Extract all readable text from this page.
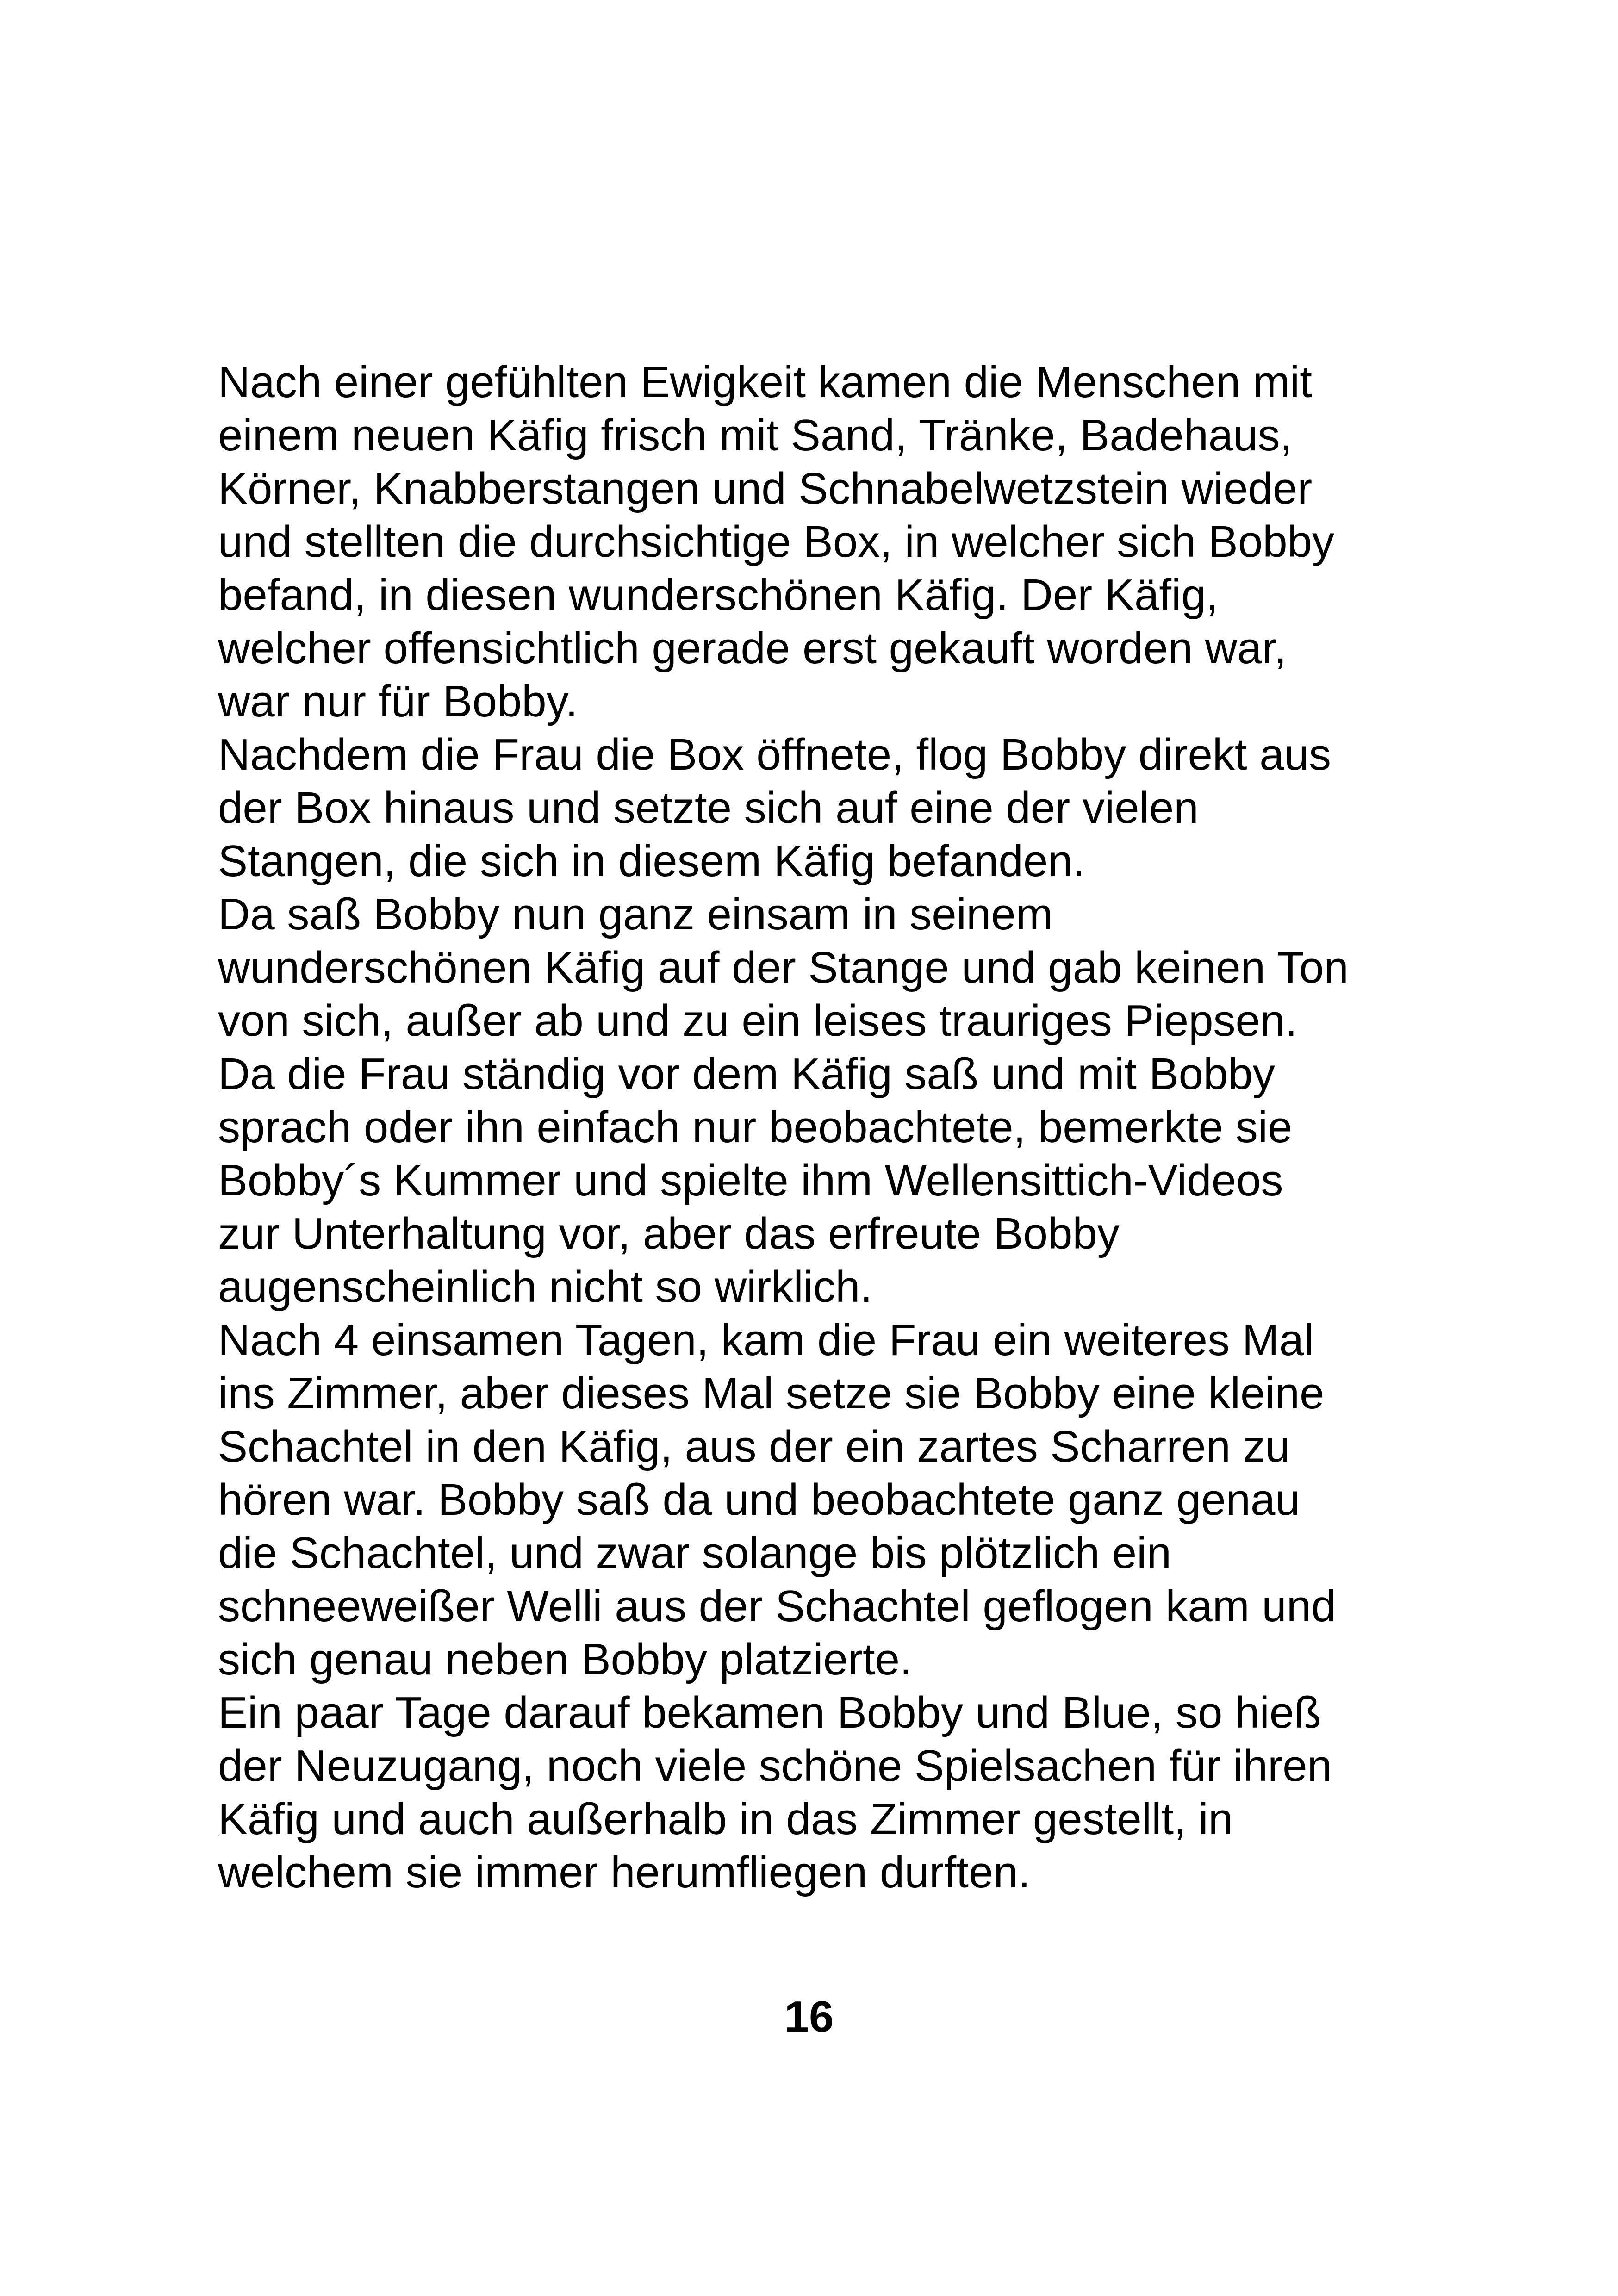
Nach einer gefühlten Ewigkeit kamen die Menschen mit
einem neuen Käfig frisch mit Sand, Tränke, Badehaus,
Körner, Knabberstangen und Schnabelwetzstein wieder
und stellten die durchsichtige Box, in welcher sich Bobby
befand, in diesen wunderschönen Käfig. Der Käfig,
welcher offensichtlich gerade erst gekauft worden war,
war nur für Bobby.
Nachdem die Frau die Box öffnete, flog Bobby direkt aus
der Box hinaus und setzte sich auf eine der vielen
Stangen, die sich in diesem Käfig befanden.
Da saß Bobby nun ganz einsam in seinem
wunderschönen Käfig auf der Stange und gab keinen Ton
von sich, außer ab und zu ein leises trauriges Piepsen.
Da die Frau ständig vor dem Käfig saß und mit Bobby
sprach oder ihn einfach nur beobachtete, bemerkte sie
Bobby´s Kummer und spielte ihm Wellensittich-Videos
zur Unterhaltung vor, aber das erfreute Bobby
augenscheinlich nicht so wirklich.
Nach 4 einsamen Tagen, kam die Frau ein weiteres Mal
ins Zimmer, aber dieses Mal setze sie Bobby eine kleine
Schachtel in den Käfig, aus der ein zartes Scharren zu
hören war. Bobby saß da und beobachtete ganz genau
die Schachtel, und zwar solange bis plötzlich ein
schneeweißer Welli aus der Schachtel geflogen kam und
sich genau neben Bobby platzierte.
Ein paar Tage darauf bekamen Bobby und Blue, so hieß
der Neuzugang, noch viele schöne Spielsachen für ihren
Käfig und auch außerhalb in das Zimmer gestellt, in
welchem sie immer herumfliegen durften.
16
